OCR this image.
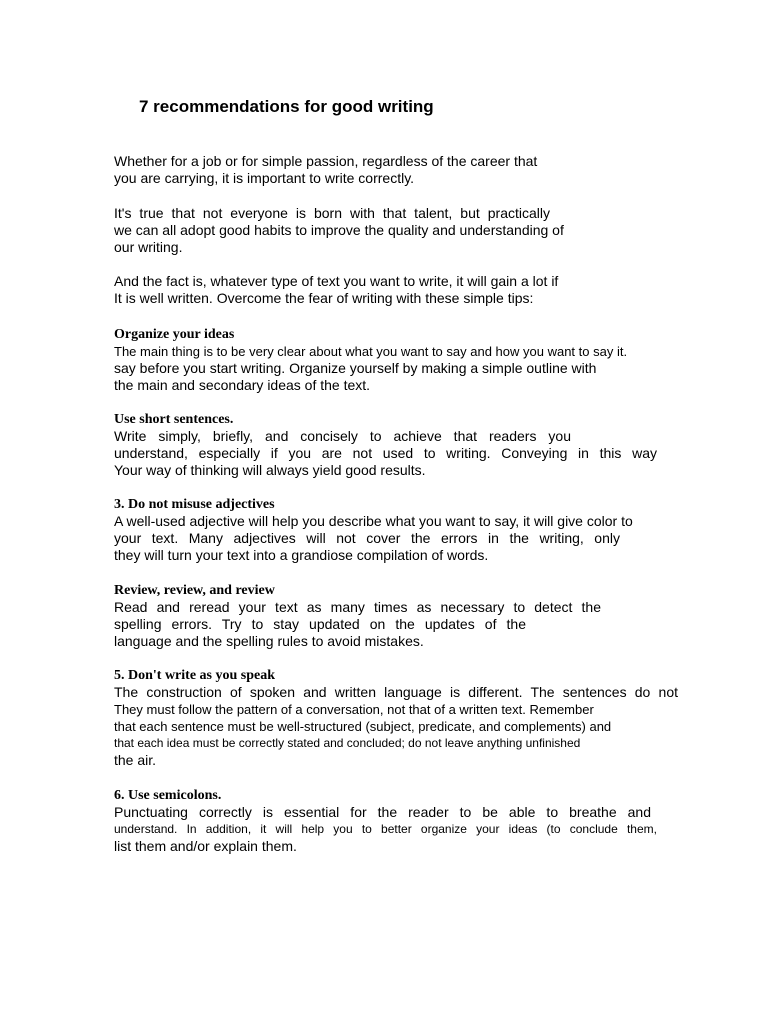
7 recommendations for good writing

Whether for a job or for simple passion, regardless of the career that
you are carrying, it is important to write correctly.

It's true that not everyone is born with that talent, but practically
we can all adopt good habits to improve the quality and understanding of
our writing.

And the fact is, whatever type of text you want to write, it will gain a lot if
It is well written. Overcome the fear of writing with these simple tips:

Organize your ideas
The main thing is to be very clear about what you want to say and how you want to say it.
say before you start writing. Organize yourself by making a simple outline with
the main and secondary ideas of the text.
Use short sentences.
Write simply, briefly, and concisely to achieve that readers you
understand, especially if you are not used to writing. Conveying in this way
Your way of thinking will always yield good results.
3. Do not misuse adjectives
A well-used adjective will help you describe what you want to say, it will give color to
your text. Many adjectives will not cover the errors in the writing, only
they will turn your text into a grandiose compilation of words.
Review, review, and review
Read and reread your text as many times as necessary to detect the
spelling errors. Try to stay updated on the updates of the
language and the spelling rules to avoid mistakes.
5. Don't write as you speak
The construction of spoken and written language is different. The sentences do not
They must follow the pattern of a conversation, not that of a written text. Remember
that each sentence must be well-structured (subject, predicate, and complements) and
that each idea must be correctly stated and concluded; do not leave anything unfinished
the air.
6. Use semicolons.
Punctuating correctly is essential for the reader to be able to breathe and
understand. In addition, it will help you to better organize your ideas (to conclude them,
list them and/or explain them.
